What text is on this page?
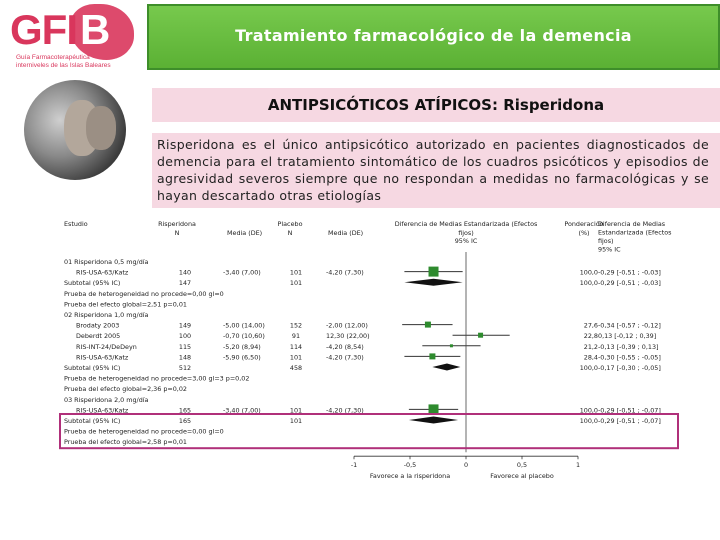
GFI B
Guía Farmacoterapéutica
interniveles de las Islas Baleares
Tratamiento farmacológico de la demencia
ANTIPSICÓTICOS ATÍPICOS: Risperidona
Risperidona es el único antipsicótico autorizado en pacientes diagnosticados de demencia para el tratamiento sintomático de los cuadros psicóticos y episodios de agresividad severos siempre que no respondan a medidas no farmacológicas y se hayan descartado otras etiologías
Estudio	Risperidona
N	Media (DE)
Placebo
N	Media (DE)
Diferencia de Medias Estandarizada (Efectos
fijos)
95% IC
Ponderación
(%)
Diferencia de Medias
Estandarizada (Efectos
fijos)
95% IC
01 Risperidona 0,5 mg/día
RIS-USA-63/Katz	140	-3,40 (7,00)	101	-4,20 (7,30)	100,0 -0,29 [-0,51 ; -0,03]
Subtotal (95% IC)	147	101	100,0 -0,29 [-0,51 ; -0,03]
Prueba de heterogeneidad no procede=0,00 gl=0
Prueba del efecto global=2,51 p=0,01
02 Risperidona 1,0 mg/día
Brodaty 2003	149	-5,00 (14,00)	152	-2,00 (12,00)	27,6 -0,34 [-0,57 ; -0,12]
Deberdt 2005	100	-0,70 (10,60)	91	12,30 (22,00)	22,8 0,13 [-0,12 ; 0,39]
RIS-INT-24/DeDeyn	115	-5,20 (8,94)	114	-4,20 (8,54)	21,2 -0,13 [-0,39 ; 0,13]
RIS-USA-63/Katz	148	-5,90 (6,50)	101	-4,20 (7,30)	28,4 -0,30 [-0,55 ; -0,05]
Subtotal (95% IC)	512	458	100,0 -0,17 [-0,30 ; -0,05]
Prueba de heterogeneidad no procede=3,00 gl=3 p=0,02
Prueba del efecto global=2,36 p=0,02
03 Risperidona 2,0 mg/día
RIS-USA-63/Katz	165	-3,40 (7,00)	101	-4,20 (7,30)	100,0 -0,29 [-0,51 ; -0,07]
Subtotal (95% IC)	165	101	100,0 -0,29 [-0,51 ; -0,07]
Prueba de heterogeneidad no procede=0,00 gl=0
Prueba del efecto global=2,58 p=0,01
-1	-0,5	0	0,5	1
Favorece a la risperidona	Favorece al placebo
